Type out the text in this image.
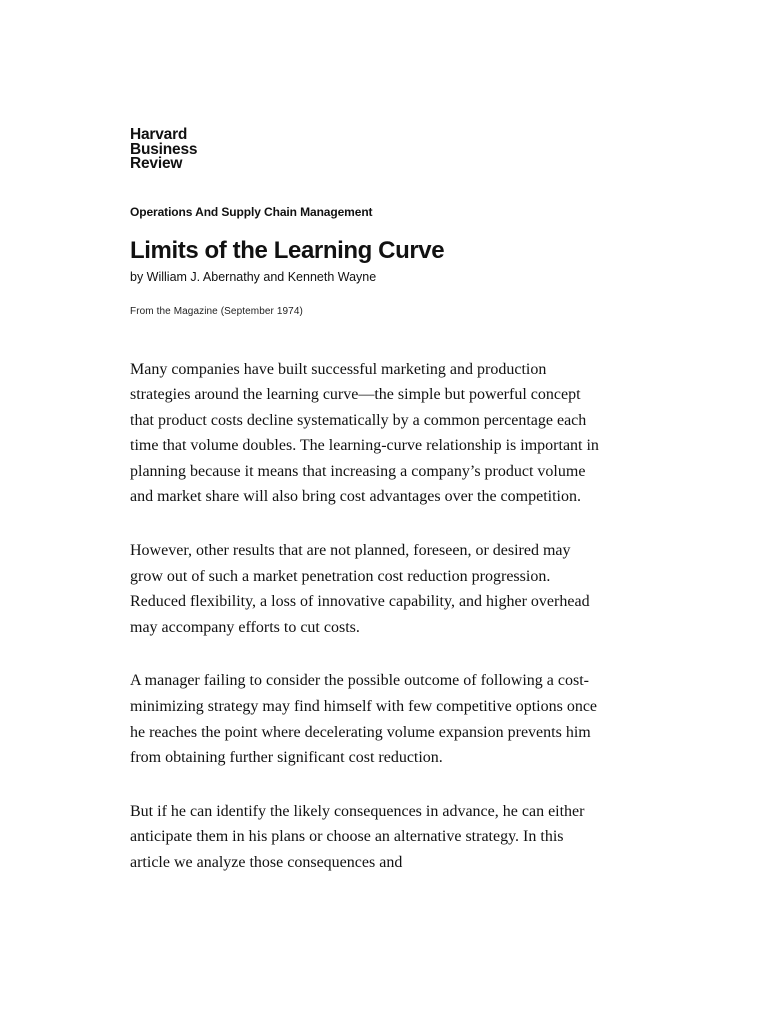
Harvard
Business
Review
Operations And Supply Chain Management
Limits of the Learning Curve
by William J. Abernathy and Kenneth Wayne
From the Magazine (September 1974)

Many companies have built successful marketing and production strategies around the learning curve—the simple but powerful concept that product costs decline systematically by a common percentage each time that volume doubles. The learning-curve relationship is important in planning because it means that increasing a company’s product volume and market share will also bring cost advantages over the competition.

However, other results that are not planned, foreseen, or desired may grow out of such a market penetration cost reduction progression. Reduced flexibility, a loss of innovative capability, and higher overhead may accompany efforts to cut costs.

A manager failing to consider the possible outcome of following a cost-minimizing strategy may find himself with few competitive options once he reaches the point where decelerating volume expansion prevents him from obtaining further significant cost reduction.

But if he can identify the likely consequences in advance, he can either anticipate them in his plans or choose an alternative strategy. In this article we analyze those consequences and
